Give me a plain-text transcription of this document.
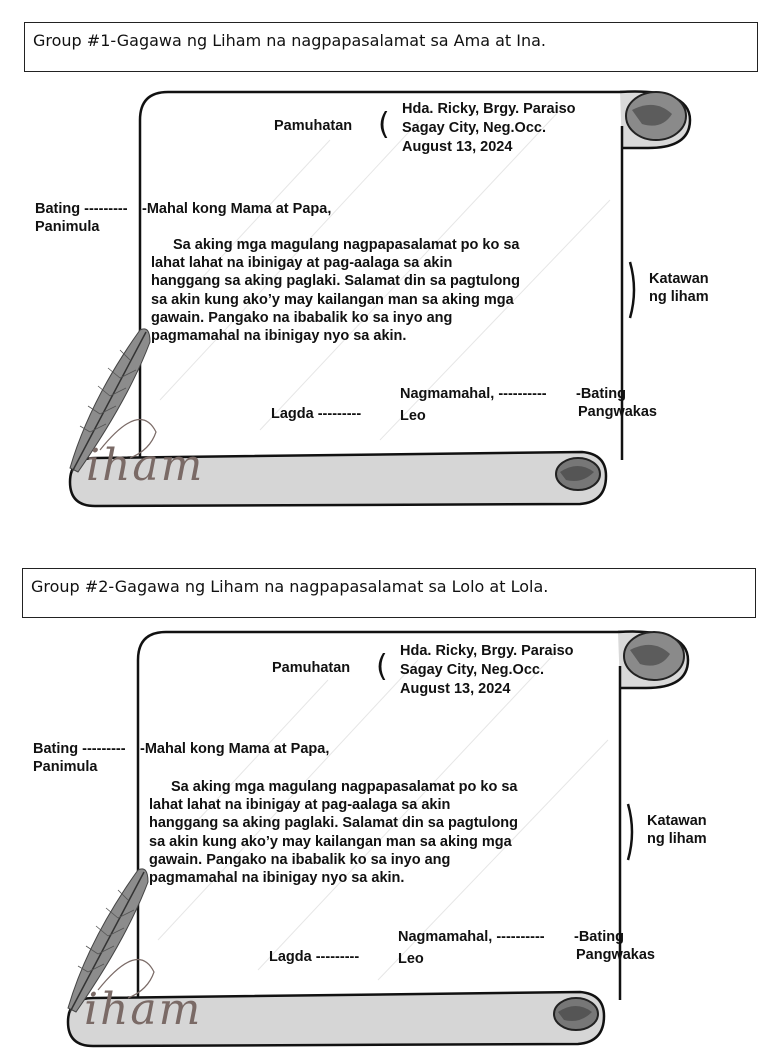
Group #1-Gagawa ng Liham na nagpapasalamat sa Ama at Ina.
iham
Pamuhatan ( Hda. Ricky, Brgy. Paraiso
Sagay City, Neg.Occ.
August 13, 2024
Bating ---------
Panimula
-Mahal kong Mama at Papa,
Sa aking mga magulang nagpapasalamat po ko sa
lahat lahat na ibinigay at pag-aalaga sa akin
hanggang sa aking paglaki. Salamat din sa pagtulong
sa akin kung ako’y may kailangan man sa aking mga
gawain. Pangako na ibabalik ko sa inyo ang
pagmamahal na ibinigay nyo sa akin.
Katawan
ng liham
Nagmamahal, ---------- -Bating
Pangwakas
Lagda ---------	Leo
Group #2-Gagawa ng Liham na nagpapasalamat sa Lolo at Lola.
iham
Pamuhatan ( Hda. Ricky, Brgy. Paraiso
Sagay City, Neg.Occ.
August 13, 2024
Bating ---------
Panimula
-Mahal kong Mama at Papa,
Sa aking mga magulang nagpapasalamat po ko sa
lahat lahat na ibinigay at pag-aalaga sa akin
hanggang sa aking paglaki. Salamat din sa pagtulong
sa akin kung ako’y may kailangan man sa aking mga
gawain. Pangako na ibabalik ko sa inyo ang
pagmamahal na ibinigay nyo sa akin.
Katawan
ng liham
Nagmamahal, ---------- -Bating
Pangwakas
Lagda ---------	Leo
